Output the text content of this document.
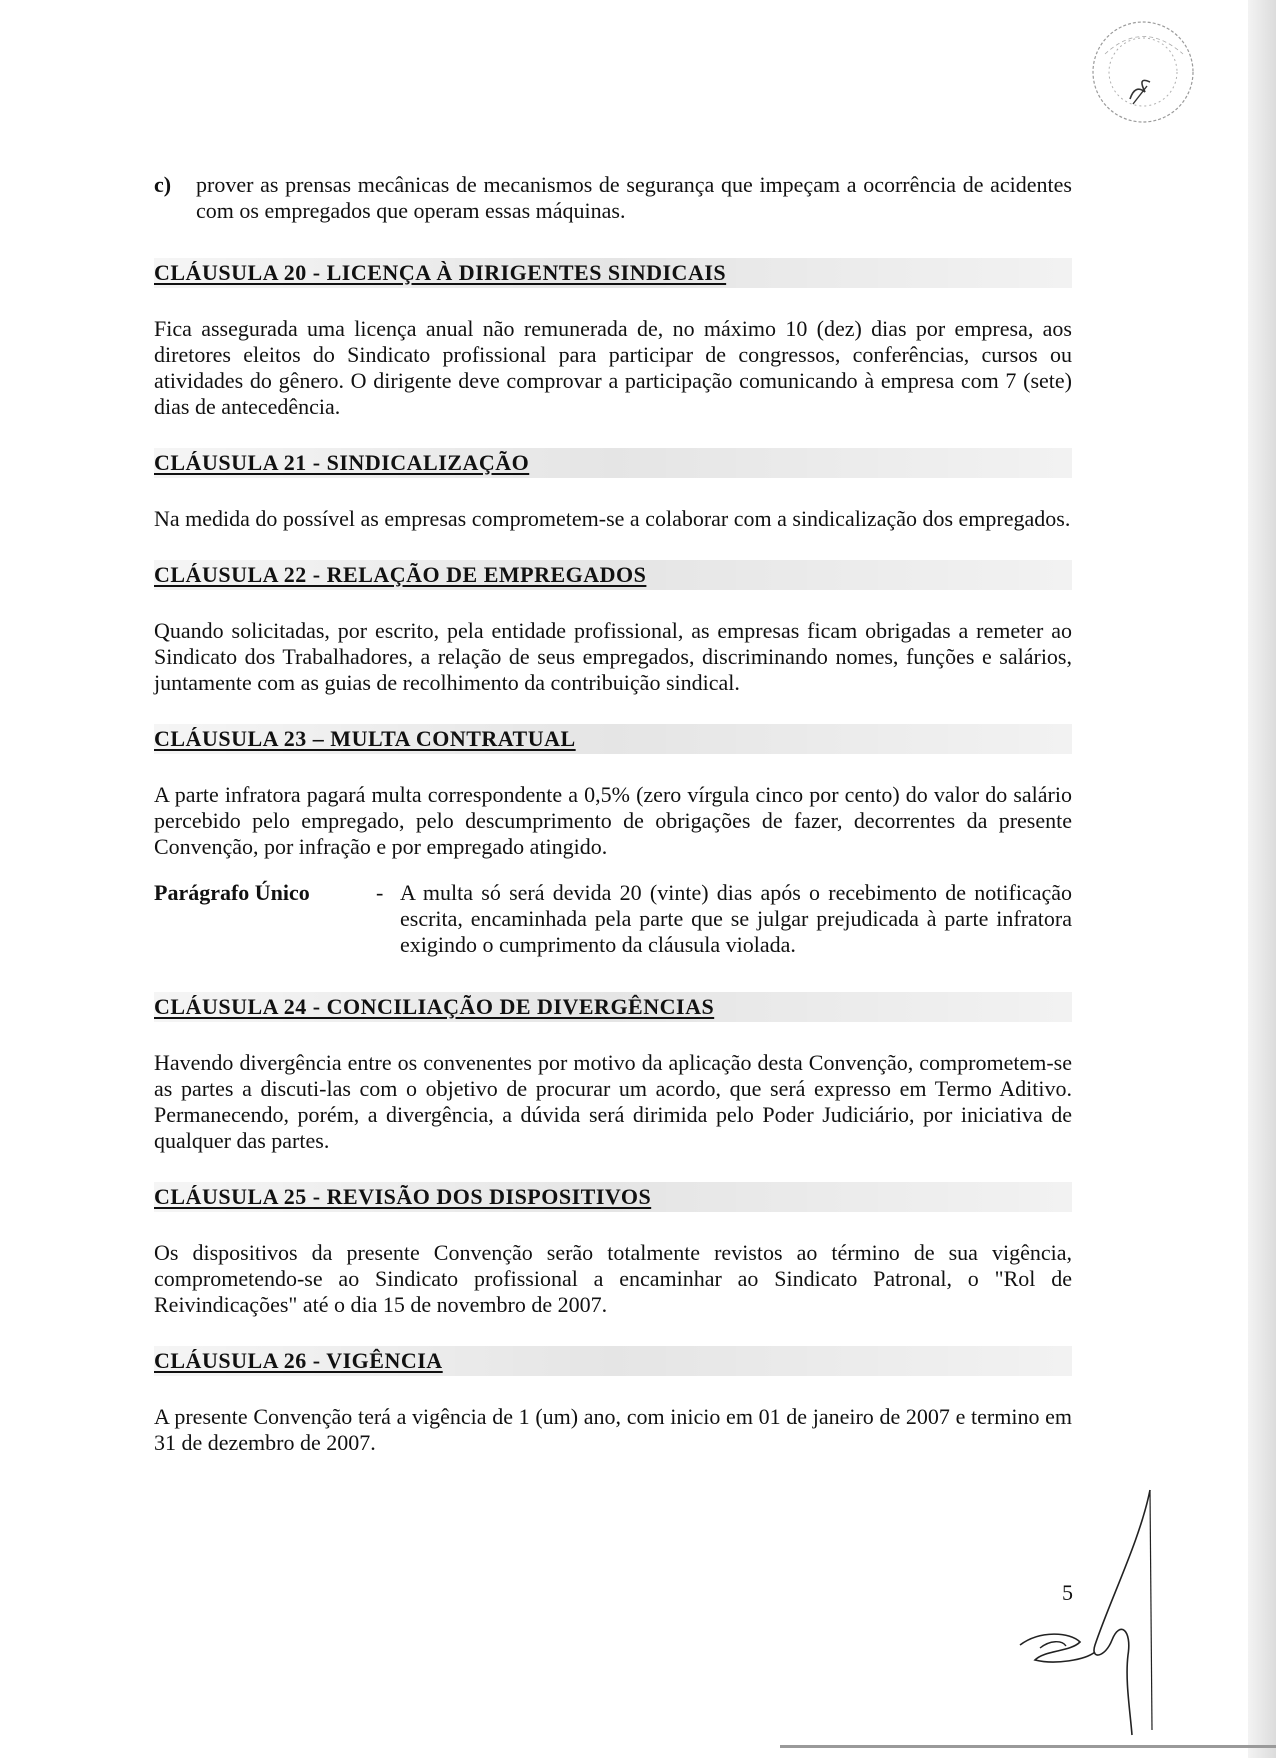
c)	prover as prensas mecânicas de mecanismos de segurança que impeçam a ocorrência de acidentes com os empregados que operam essas máquinas.
CLÁUSULA 20 - LICENÇA À DIRIGENTES SINDICAIS

Fica assegurada uma licença anual não remunerada de, no máximo 10 (dez) dias por empresa, aos diretores eleitos do Sindicato profissional para participar de congressos, conferências, cursos ou atividades do gênero. O dirigente deve comprovar a participação comunicando à empresa com 7 (sete) dias de antecedência.

CLÁUSULA 21 - SINDICALIZAÇÃO

Na medida do possível as empresas comprometem-se a colaborar com a sindicalização dos empregados.

CLÁUSULA 22 - RELAÇÃO DE EMPREGADOS

Quando solicitadas, por escrito, pela entidade profissional, as empresas ficam obrigadas a remeter ao Sindicato dos Trabalhadores, a relação de seus empregados, discriminando nomes, funções e salários, juntamente com as guias de recolhimento da contribuição sindical.

CLÁUSULA 23 – MULTA CONTRATUAL

A parte infratora pagará multa correspondente a 0,5% (zero vírgula cinco por cento) do valor do salário percebido pelo empregado, pelo descumprimento de obrigações de fazer, decorrentes da presente Convenção, por infração e por empregado atingido.

Parágrafo Único	- A multa só será devida 20 (vinte) dias após o recebimento de notificação escrita, encaminhada pela parte que se julgar prejudicada à parte infratora exigindo o cumprimento da cláusula violada.
CLÁUSULA 24 - CONCILIAÇÃO DE DIVERGÊNCIAS

Havendo divergência entre os convenentes por motivo da aplicação desta Convenção, comprometem-se as partes a discuti-las com o objetivo de procurar um acordo, que será expresso em Termo Aditivo. Permanecendo, porém, a divergência, a dúvida será dirimida pelo Poder Judiciário, por iniciativa de qualquer das partes.

CLÁUSULA 25 - REVISÃO DOS DISPOSITIVOS

Os dispositivos da presente Convenção serão totalmente revistos ao término de sua vigência, comprometendo-se ao Sindicato profissional a encaminhar ao Sindicato Patronal, o "Rol de Reivindicações" até o dia 15 de novembro de 2007.

CLÁUSULA 26 - VIGÊNCIA

A presente Convenção terá a vigência de 1 (um) ano, com inicio em 01 de janeiro de 2007 e termino em 31 de dezembro de 2007.

5
